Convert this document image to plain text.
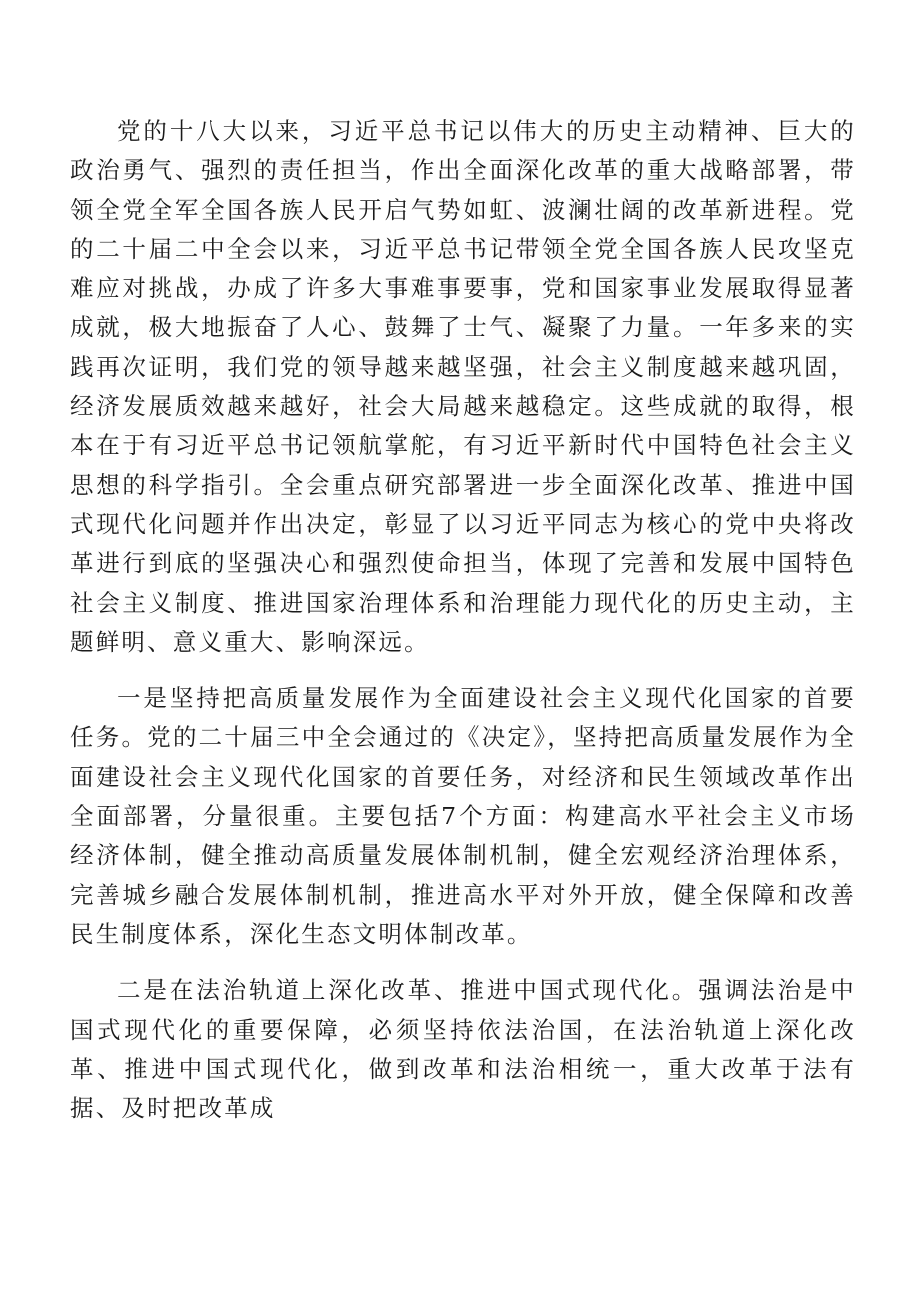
党的十八大以来，习近平总书记以伟大的历史主动精神、巨大的政治勇气、强烈的责任担当，作出全面深化改革的重大战略部署，带领全党全军全国各族人民开启气势如虹、波澜壮阔的改革新进程。党的二十届二中全会以来，习近平总书记带领全党全国各族人民攻坚克难应对挑战，办成了许多大事难事要事，党和国家事业发展取得显著成就，极大地振奋了人心、鼓舞了士气、凝聚了力量。一年多来的实践再次证明，我们党的领导越来越坚强，社会主义制度越来越巩固，经济发展质效越来越好，社会大局越来越稳定。这些成就的取得，根本在于有习近平总书记领航掌舵，有习近平新时代中国特色社会主义思想的科学指引。全会重点研究部署进一步全面深化改革、推进中国式现代化问题并作出决定，彰显了以习近平同志为核心的党中央将改革进行到底的坚强决心和强烈使命担当，体现了完善和发展中国特色社会主义制度、推进国家治理体系和治理能力现代化的历史主动，主题鲜明、意义重大、影响深远。

一是坚持把高质量发展作为全面建设社会主义现代化国家的首要任务。党的二十届三中全会通过的《决定》，坚持把高质量发展作为全面建设社会主义现代化国家的首要任务，对经济和民生领域改革作出全面部署，分量很重。主要包括7个方面：构建高水平社会主义市场经济体制，健全推动高质量发展体制机制，健全宏观经济治理体系，完善城乡融合发展体制机制，推进高水平对外开放，健全保障和改善民生制度体系，深化生态文明体制改革。

二是在法治轨道上深化改革、推进中国式现代化。强调法治是中国式现代化的重要保障，必须坚持依法治国，在法治轨道上深化改革、推进中国式现代化，做到改革和法治相统一，重大改革于法有据、及时把改革成
